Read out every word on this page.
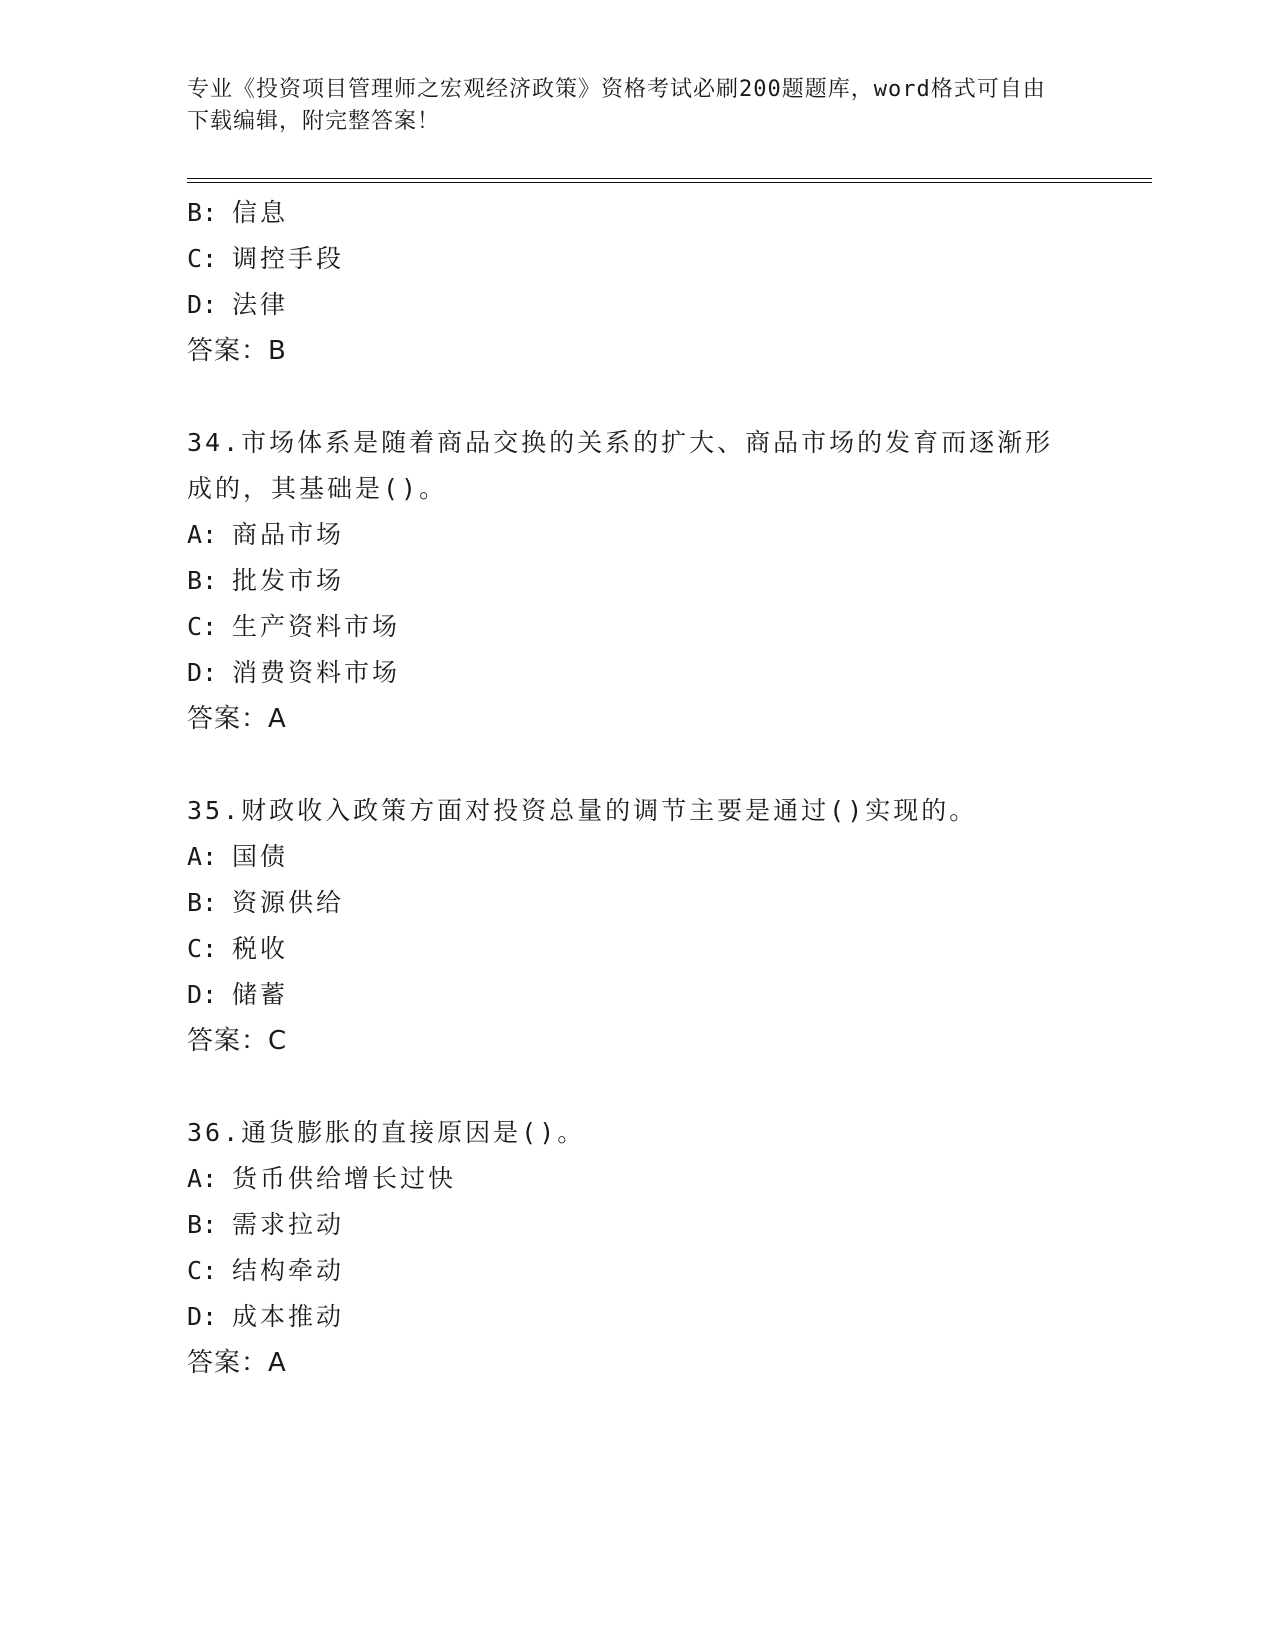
专业《投资项目管理师之宏观经济政策》资格考试必刷200题题库，word格式可自由下载编辑，附完整答案！
B: 信息
C: 调控手段
D: 法律
答案：B
34.市场体系是随着商品交换的关系的扩大、商品市场的发育而逐渐形成的，其基础是()。
A: 商品市场
B: 批发市场
C: 生产资料市场
D: 消费资料市场
答案：A
35.财政收入政策方面对投资总量的调节主要是通过()实现的。
A: 国债
B: 资源供给
C: 税收
D: 储蓄
答案：C
36.通货膨胀的直接原因是()。
A: 货币供给增长过快
B: 需求拉动
C: 结构牵动
D: 成本推动
答案：A
